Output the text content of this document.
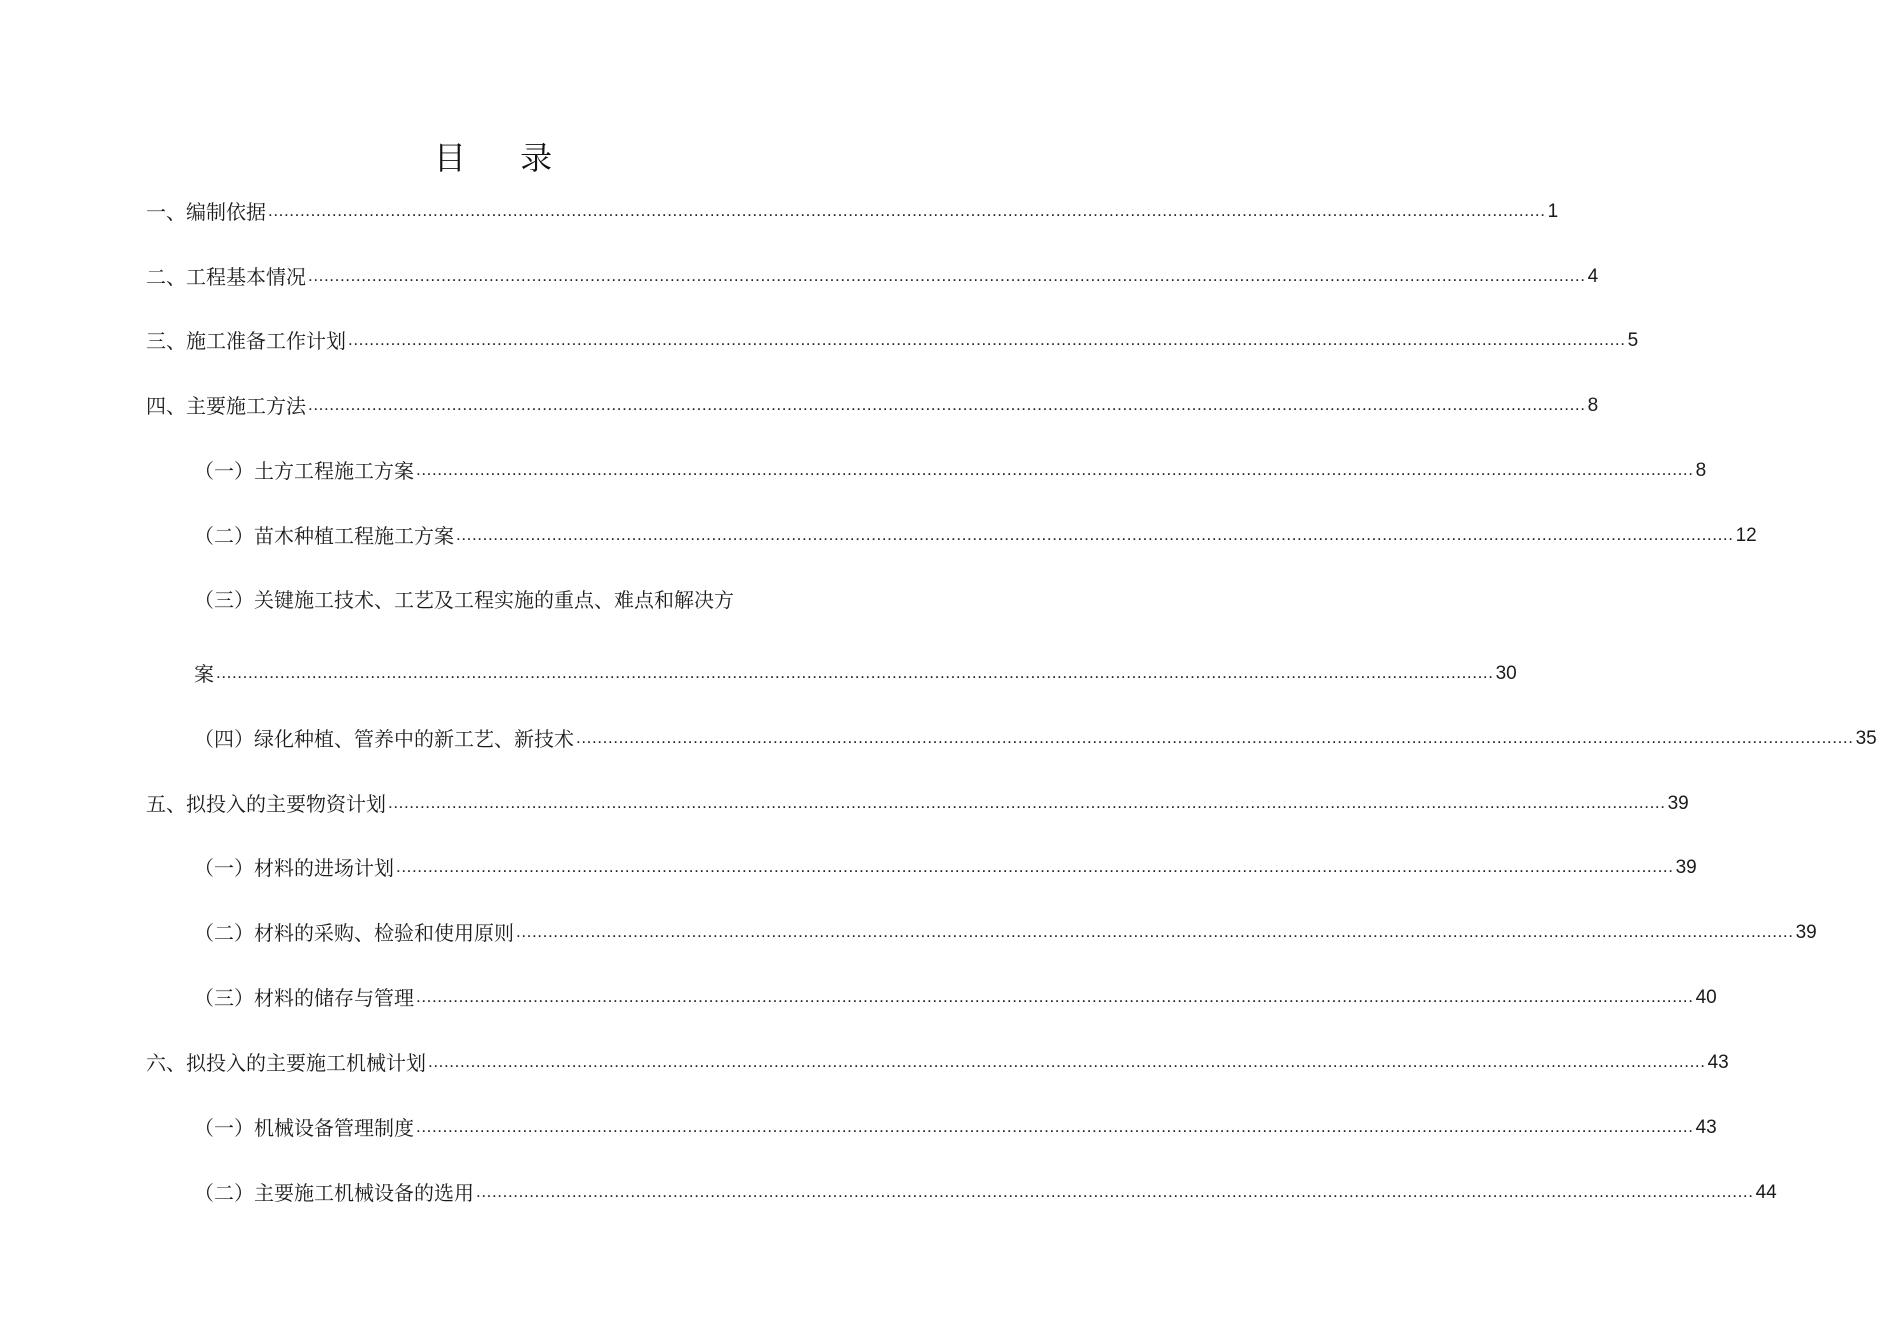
目 录
一、编制依据 ................................................................................................................................................................................................................................................ 1
二、工程基本情况 ................................................................................................................................................................................................................................................ 4
三、施工准备工作计划 ................................................................................................................................................................................................................................................ 5
四、主要施工方法 ................................................................................................................................................................................................................................................ 8
（一）土方工程施工方案 ................................................................................................................................................................................................................................................ 8
（二）苗木种植工程施工方案 ................................................................................................................................................................................................................................................ 12
（三）关键施工技术、工艺及工程实施的重点、难点和解决方
案 ................................................................................................................................................................................................................................................ 30
（四）绿化种植、管养中的新工艺、新技术 ................................................................................................................................................................................................................................................ 35
五、拟投入的主要物资计划 ................................................................................................................................................................................................................................................ 39
（一）材料的进场计划 ................................................................................................................................................................................................................................................ 39
（二）材料的采购、检验和使用原则 ................................................................................................................................................................................................................................................ 39
（三）材料的储存与管理 ................................................................................................................................................................................................................................................ 40
六、拟投入的主要施工机械计划 ................................................................................................................................................................................................................................................ 43
（一）机械设备管理制度 ................................................................................................................................................................................................................................................ 43
（二）主要施工机械设备的选用 ................................................................................................................................................................................................................................................ 44
